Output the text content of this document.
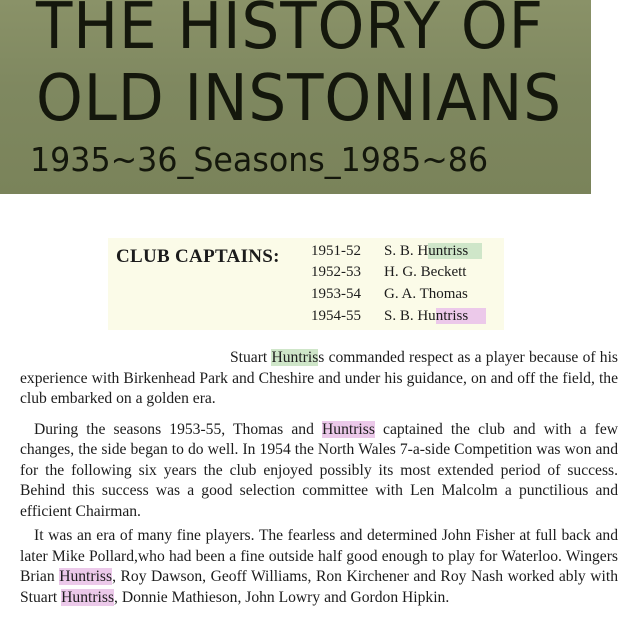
THE HISTORY OF
OLD INSTONIANS
1935~36_Seasons_1985~86
CLUB CAPTAINS: 1951-52 S. B. Huntriss
1952-53 H. G. Beckett
1953-54 G. A. Thomas
1954-55 S. B. Huntriss

Stuart Huntriss commanded respect as a player because of his experience with Birkenhead Park and Cheshire and under his guidance, on and off the field, the club embarked on a golden era.

During the seasons 1953-55, Thomas and Huntriss captained the club and with a few changes, the side began to do well. In 1954 the North Wales 7-a-side Competition was won and for the following six years the club enjoyed possibly its most extended period of success. Behind this success was a good selection committee with Len Malcolm a punctilious and efficient Chairman.

It was an era of many fine players. The fearless and determined John Fisher at full back and later Mike Pollard,who had been a fine outside half good enough to play for Waterloo. Wingers Brian Huntriss, Roy Dawson, Geoff Williams, Ron Kirchener and Roy Nash worked ably with Stuart Huntriss, Donnie Mathieson, John Lowry and Gordon Hipkin.
